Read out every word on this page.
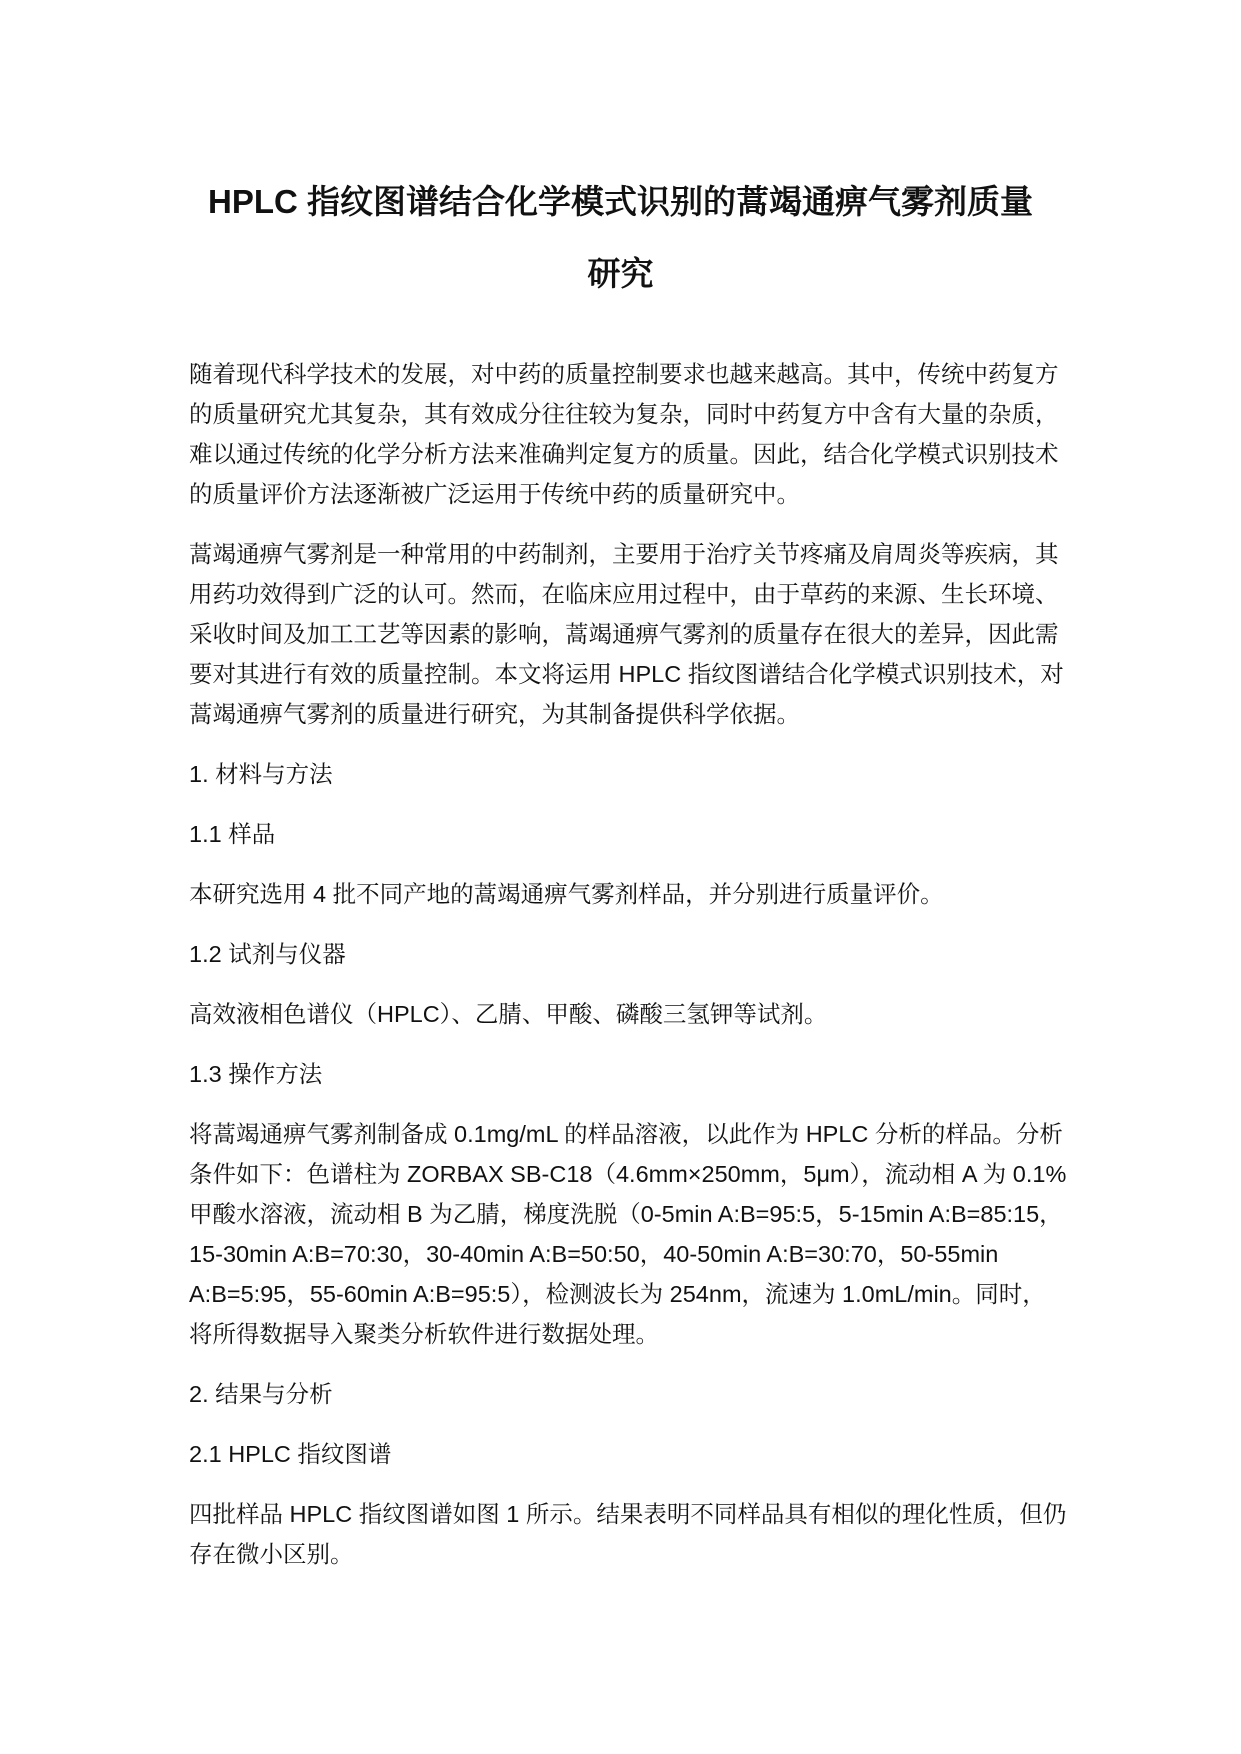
HPLC 指纹图谱结合化学模式识别的蒿竭通痹气雾剂质量
研究

随着现代科学技术的发展，对中药的质量控制要求也越来越高。其中，传统中药复方
的质量研究尤其复杂，其有效成分往往较为复杂，同时中药复方中含有大量的杂质，
难以通过传统的化学分析方法来准确判定复方的质量。因此，结合化学模式识别技术
的质量评价方法逐渐被广泛运用于传统中药的质量研究中。

蒿竭通痹气雾剂是一种常用的中药制剂，主要用于治疗关节疼痛及肩周炎等疾病，其
用药功效得到广泛的认可。然而，在临床应用过程中，由于草药的来源、生长环境、
采收时间及加工工艺等因素的影响，蒿竭通痹气雾剂的质量存在很大的差异，因此需
要对其进行有效的质量控制。本文将运用 HPLC 指纹图谱结合化学模式识别技术，对
蒿竭通痹气雾剂的质量进行研究，为其制备提供科学依据。

1. 材料与方法
1.1 样品

本研究选用 4 批不同产地的蒿竭通痹气雾剂样品，并分别进行质量评价。

1.2 试剂与仪器

高效液相色谱仪（HPLC）、乙腈、甲酸、磷酸三氢钾等试剂。

1.3 操作方法

将蒿竭通痹气雾剂制备成 0.1mg/mL 的样品溶液，以此作为 HPLC 分析的样品。分析
条件如下：色谱柱为 ZORBAX SB-C18（4.6mm×250mm，5μm），流动相 A 为 0.1%
甲酸水溶液，流动相 B 为乙腈，梯度洗脱（0-5min A:B=95:5，5-15min A:B=85:15，
15-30min A:B=70:30，30-40min A:B=50:50，40-50min A:B=30:70，50-55min
A:B=5:95，55-60min A:B=95:5），检测波长为 254nm，流速为 1.0mL/min。同时，
将所得数据导入聚类分析软件进行数据处理。

2. 结果与分析
2.1 HPLC 指纹图谱

四批样品 HPLC 指纹图谱如图 1 所示。结果表明不同样品具有相似的理化性质，但仍
存在微小区别。
